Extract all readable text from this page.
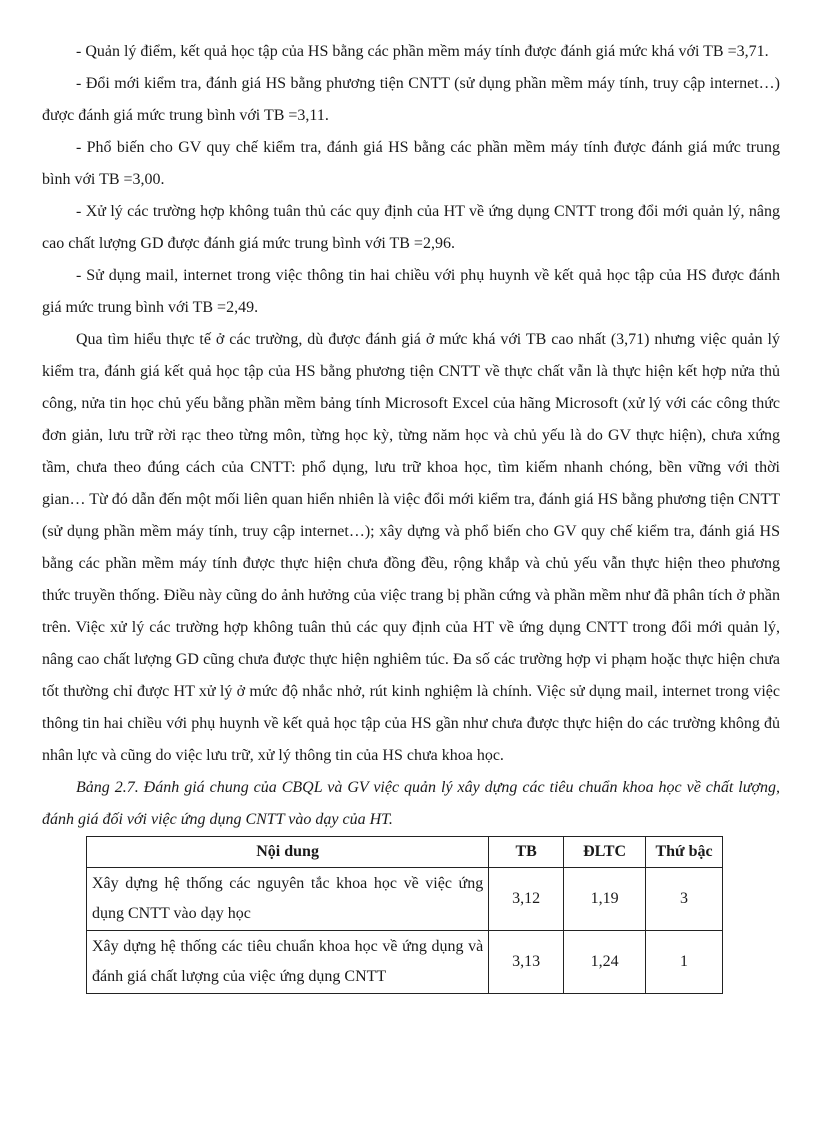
- Quản lý điểm, kết quả học tập của HS bằng các phần mềm máy tính được đánh giá mức khá với TB =3,71.

- Đổi mới kiểm tra, đánh giá HS bằng phương tiện CNTT (sử dụng phần mềm máy tính, truy cập internet…) được đánh giá mức trung bình với TB =3,11.

- Phổ biến cho GV quy chế kiểm tra, đánh giá HS bằng các phần mềm máy tính được đánh giá mức trung bình với TB =3,00.

- Xử lý các trường hợp không tuân thủ các quy định của HT về ứng dụng CNTT trong đổi mới quản lý, nâng cao chất lượng GD được đánh giá mức trung bình với TB =2,96.

- Sử dụng mail, internet trong việc thông tin hai chiều với phụ huynh về kết quả học tập của HS được đánh giá mức trung bình với TB =2,49.

Qua tìm hiểu thực tế ở các trường, dù được đánh giá ở mức khá với TB cao nhất (3,71) nhưng việc quản lý kiểm tra, đánh giá kết quả học tập của HS bằng phương tiện CNTT về thực chất vẫn là thực hiện kết hợp nửa thủ công, nửa tin học chủ yếu bằng phần mềm bảng tính Microsoft Excel của hãng Microsoft (xử lý với các công thức đơn giản, lưu trữ rời rạc theo từng môn, từng học kỳ, từng năm học và chủ yếu là do GV thực hiện), chưa xứng tầm, chưa theo đúng cách của CNTT: phổ dụng, lưu trữ khoa học, tìm kiếm nhanh chóng, bền vững với thời gian… Từ đó dẫn đến một mối liên quan hiển nhiên là việc đổi mới kiểm tra, đánh giá HS bằng phương tiện CNTT (sử dụng phần mềm máy tính, truy cập internet…); xây dựng và phổ biến cho GV quy chế kiểm tra, đánh giá HS bằng các phần mềm máy tính được thực hiện chưa đồng đều, rộng khắp và chủ yếu vẫn thực hiện theo phương thức truyền thống. Điều này cũng do ảnh hưởng của việc trang bị phần cứng và phần mềm như đã phân tích ở phần trên. Việc xử lý các trường hợp không tuân thủ các quy định của HT về ứng dụng CNTT trong đổi mới quản lý, nâng cao chất lượng GD cũng chưa được thực hiện nghiêm túc. Đa số các trường hợp vi phạm hoặc thực hiện chưa tốt thường chỉ được HT xử lý ở mức độ nhắc nhở, rút kinh nghiệm là chính. Việc sử dụng mail, internet trong việc thông tin hai chiều với phụ huynh về kết quả học tập của HS gần như chưa được thực hiện do các trường không đủ nhân lực và cũng do việc lưu trữ, xử lý thông tin của HS chưa khoa học.

Bảng 2.7. Đánh giá chung của CBQL và GV việc quản lý xây dựng các tiêu chuẩn khoa học về chất lượng, đánh giá đối với việc ứng dụng CNTT vào dạy của HT.

Nội dung	TB	ĐLTC	Thứ bậc
Xây dựng hệ thống các nguyên tắc khoa học về việc ứng dụng CNTT vào dạy học	3,12	1,19	3
Xây dựng hệ thống các tiêu chuẩn khoa học về ứng dụng và đánh giá chất lượng của việc ứng dụng CNTT	3,13	1,24	1
